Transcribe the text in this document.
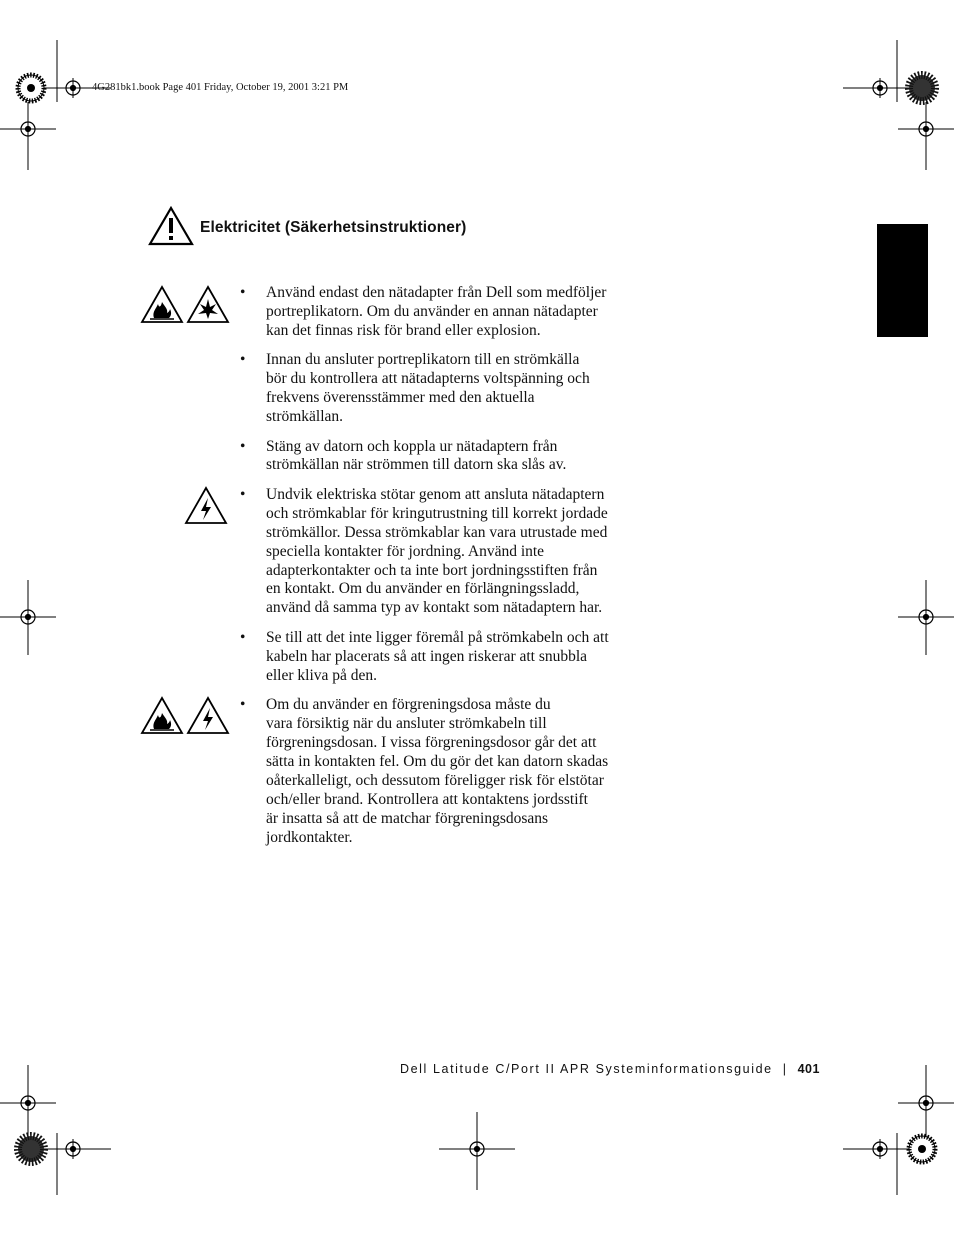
4G281bk1.book Page 401 Friday, October 19, 2001 3:21 PM
Elektricitet (Säkerhetsinstruktioner)
• Använd endast den nätadapter från Dell som medföljer
portreplikatorn. Om du använder en annan nätadapter
kan det finnas risk för brand eller explosion.
• Innan du ansluter portreplikatorn till en strömkälla
bör du kontrollera att nätadapterns voltspänning och
frekvens överensstämmer med den aktuella
strömkällan.
• Stäng av datorn och koppla ur nätadaptern från
strömkällan när strömmen till datorn ska slås av.
• Undvik elektriska stötar genom att ansluta nätadaptern
och strömkablar för kringutrustning till korrekt jordade
strömkällor. Dessa strömkablar kan vara utrustade med
speciella kontakter för jordning. Använd inte
adapterkontakter och ta inte bort jordningsstiften från
en kontakt. Om du använder en förlängningssladd,
använd då samma typ av kontakt som nätadaptern har.
• Se till att det inte ligger föremål på strömkabeln och att
kabeln har placerats så att ingen riskerar att snubbla
eller kliva på den.
• Om du använder en förgreningsdosa måste du
vara försiktig när du ansluter strömkabeln till
förgreningsdosan. I vissa förgreningsdosor går det att
sätta in kontakten fel. Om du gör det kan datorn skadas
oåterkalleligt, och dessutom föreligger risk för elstötar
och/eller brand. Kontrollera att kontaktens jordsstift
är insatta så att de matchar förgreningsdosans
jordkontakter.
Dell Latitude C/Port II APR Systeminformationsguide | 401
